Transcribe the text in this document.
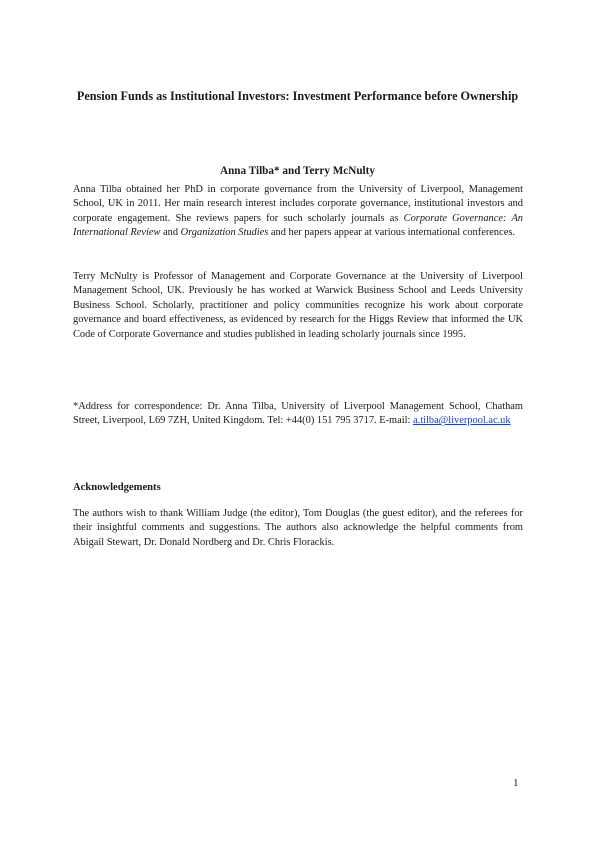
Pension Funds as Institutional Investors: Investment Performance before Ownership
Anna Tilba* and Terry McNulty

Anna Tilba obtained her PhD in corporate governance from the University of Liverpool, Management School, UK in 2011. Her main research interest includes corporate governance, institutional investors and corporate engagement. She reviews papers for such scholarly journals as Corporate Governance: An International Review and Organization Studies and her papers appear at various international conferences.

Terry McNulty is Professor of Management and Corporate Governance at the University of Liverpool Management School, UK. Previously he has worked at Warwick Business School and Leeds University Business School. Scholarly, practitioner and policy communities recognize his work about corporate governance and board effectiveness, as evidenced by research for the Higgs Review that informed the UK Code of Corporate Governance and studies published in leading scholarly journals since 1995.

*Address for correspondence: Dr. Anna Tilba, University of Liverpool Management School, Chatham Street, Liverpool, L69 7ZH, United Kingdom. Tel: +44(0) 151 795 3717. E-mail: a.tilba@liverpool.ac.uk

Acknowledgements

The authors wish to thank William Judge (the editor), Tom Douglas (the guest editor), and the referees for their insightful comments and suggestions. The authors also acknowledge the helpful comments from Abigail Stewart, Dr. Donald Nordberg and Dr. Chris Florackis.

1
